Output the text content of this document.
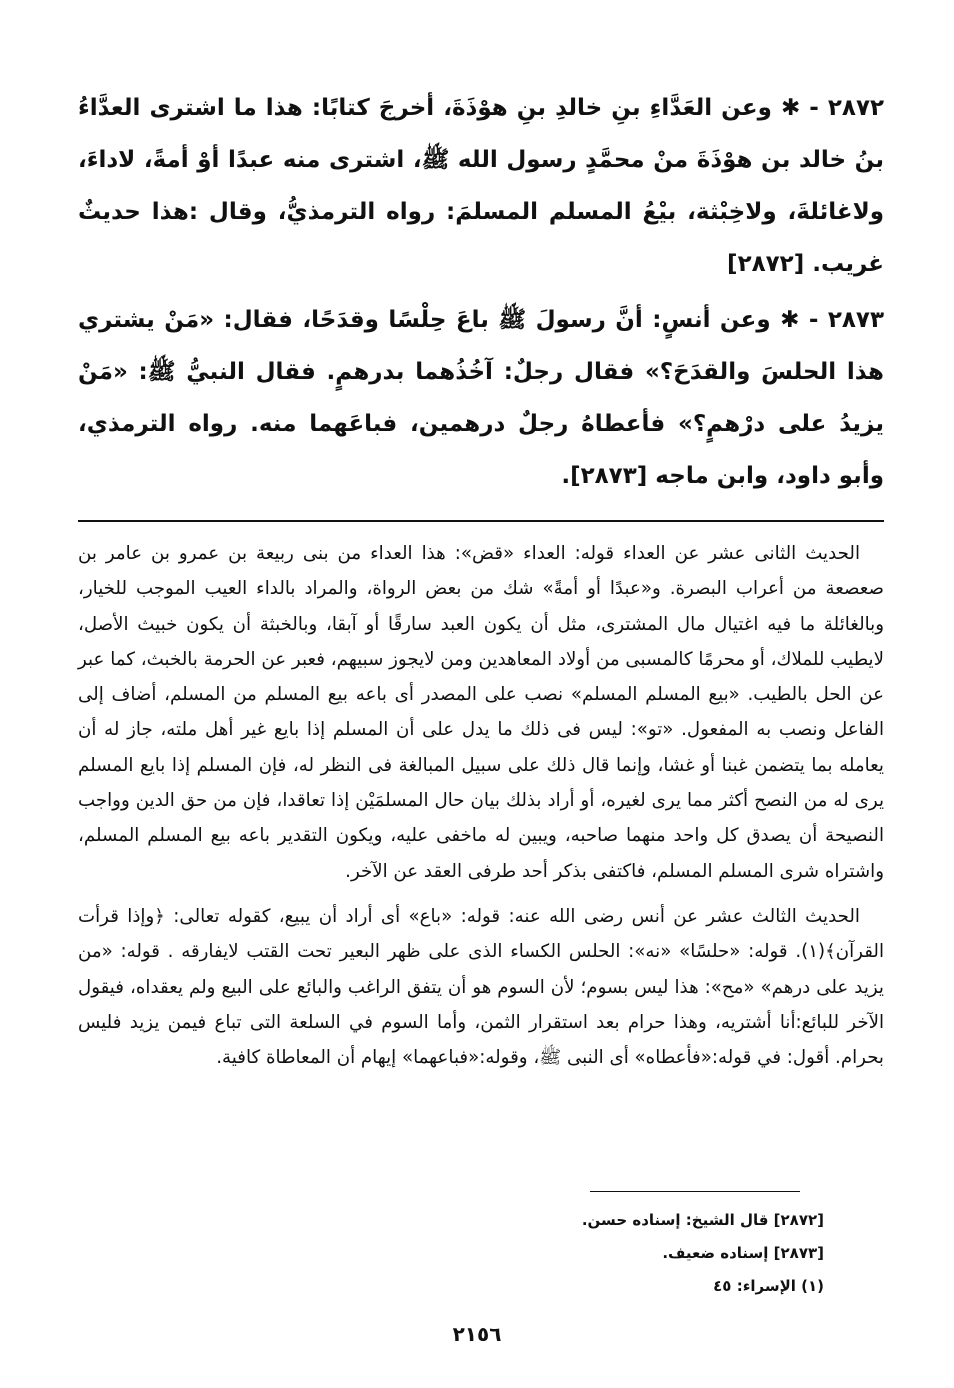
٢٨٧٢ - ✱ وعن العَدَّاءِ بنِ خالدِ بنِ هوْذَةَ، أخرجَ كتابًا: هذا ما اشترى العدَّاءُ بنُ خالد بن هوْذَةَ منْ محمَّدٍ رسول الله ﷺ، اشترى منه عبدًا أوْ أمةً، لاداءَ، ولاغائلةَ، ولاخِبْثة، بيْعُ المسلم المسلمَ: رواه الترمذيُّ، وقال :هذا حديثٌ غريب. [٢٨٧٢]

٢٨٧٣ - ✱ وعن أنسٍ: أنَّ رسولَ ﷺ باعَ حِلْسًا وقدَحًا، فقال: «مَنْ يشتري هذا الحلسَ والقدَحَ؟» فقال رجلٌ: آخُذُهما بدرهمٍ. فقال النبيُّ ﷺ: «مَنْ يزيدُ على درْهمٍ؟» فأعطاهُ رجلٌ درهمين، فباعَهما منه. رواه الترمذي، وأبو داود، وابن ماجه [٢٨٧٣].

الحديث الثانى عشر عن العداء قوله: العداء «قض»: هذا العداء من بنى ربيعة بن عمرو بن عامر بن صعصعة من أعراب البصرة. و«عبدًا أو أمةً» شك من بعض الرواة، والمراد بالداء العيب الموجب للخيار، وبالغائلة ما فيه اغتيال مال المشترى، مثل أن يكون العبد سارقًا أو آبقا، وبالخبثة أن يكون خبيث الأصل، لايطيب للملاك، أو محرمًا كالمسبى من أولاد المعاهدين ومن لايجوز سبيهم، فعبر عن الحرمة بالخبث، كما عبر عن الحل بالطيب. «بيع المسلم المسلم» نصب على المصدر أى باعه بيع المسلم من المسلم، أضاف إلى الفاعل ونصب به المفعول. «تو»: ليس فى ذلك ما يدل على أن المسلم إذا بايع غير أهل ملته، جاز له أن يعامله بما يتضمن غبنا أو غشا، وإنما قال ذلك على سبيل المبالغة فى النظر له، فإن المسلم إذا بايع المسلم يرى له من النصح أكثر مما يرى لغيره، أو أراد بذلك بيان حال المسلمَيْن إذا تعاقدا، فإن من حق الدين وواجب النصيحة أن يصدق كل واحد منهما صاحبه، ويبين له ماخفى عليه، ويكون التقدير باعه بيع المسلم المسلم، واشتراه شرى المسلم المسلم، فاكتفى بذكر أحد طرفى العقد عن الآخر.

الحديث الثالث عشر عن أنس رضى الله عنه: قوله: «باع» أى أراد أن يبيع، كقوله تعالى: ﴿وإذا قرأت القرآن﴾(١). قوله: «حلسًا» «نه»: الحلس الكساء الذى على ظهر البعير تحت القتب لايفارقه . قوله: «من يزيد على درهم» «مح»: هذا ليس بسوم؛ لأن السوم هو أن يتفق الراغب والبائع على البيع ولم يعقداه، فيقول الآخر للبائع:أنا أشتريه، وهذا حرام بعد استقرار الثمن، وأما السوم في السلعة التى تباع فيمن يزيد فليس بحرام. أقول: في قوله:«فأعطاه» أى النبى ﷺ، وقوله:«فباعهما» إيهام أن المعاطاة كافية.

[٢٨٧٢] قال الشيخ: إسناده حسن.

[٢٨٧٣] إسناده ضعيف.

(١) الإسراء: ٤٥

٢١٥٦
